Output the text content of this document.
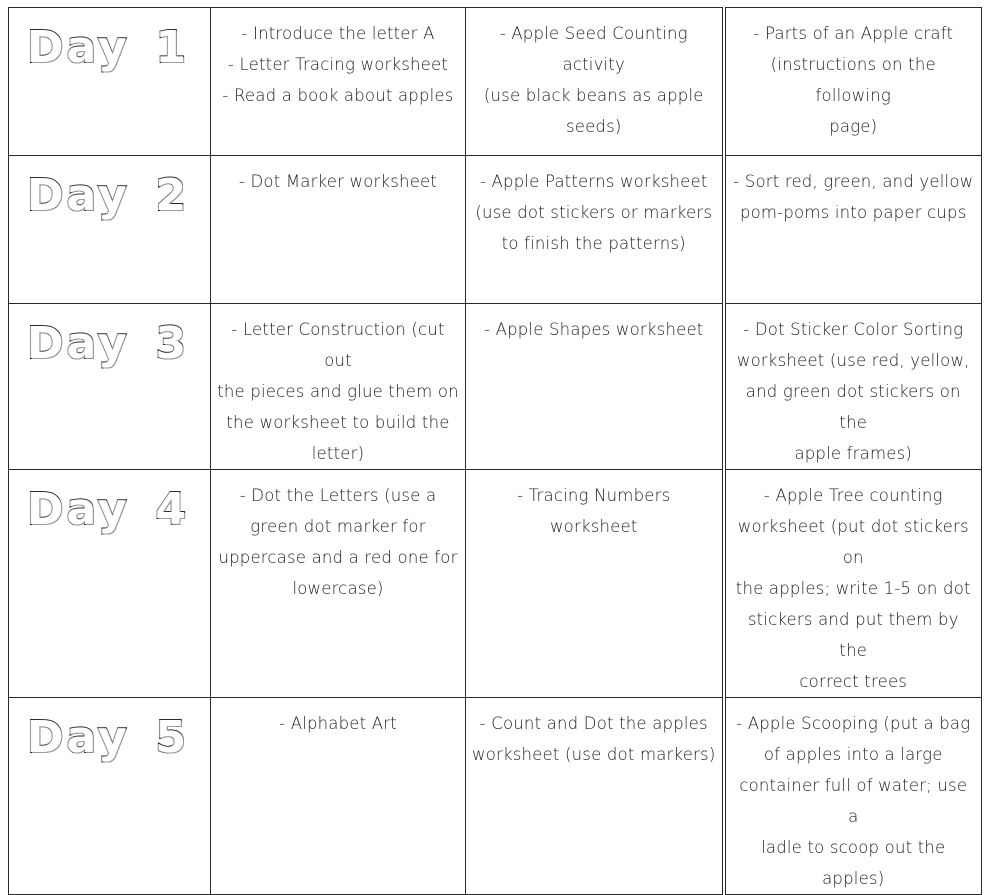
Day 1	- Introduce the letter A
- Letter Tracing worksheet
- Read a book about apples	- Apple Seed Counting
activity
(use black beans as apple
seeds)	- Parts of an Apple craft
(instructions on the following
page)

Day 2	- Dot Marker worksheet	- Apple Patterns worksheet
(use dot stickers or markers
to finish the patterns)	- Sort red, green, and yellow
pom-poms into paper cups

Day 3	- Letter Construction (cut out
the pieces and glue them on
the worksheet to build the
letter)	- Apple Shapes worksheet	- Dot Sticker Color Sorting
worksheet (use red, yellow,
and green dot stickers on the
apple frames)

Day 4	- Dot the Letters (use a
green dot marker for
uppercase and a red one for
lowercase)	- Tracing Numbers worksheet	- Apple Tree counting
worksheet (put dot stickers on
the apples; write 1-5 on dot
stickers and put them by the
correct trees

Day 5	- Alphabet Art	- Count and Dot the apples
worksheet (use dot markers)	- Apple Scooping (put a bag
of apples into a large
container full of water; use a
ladle to scoop out the apples)
